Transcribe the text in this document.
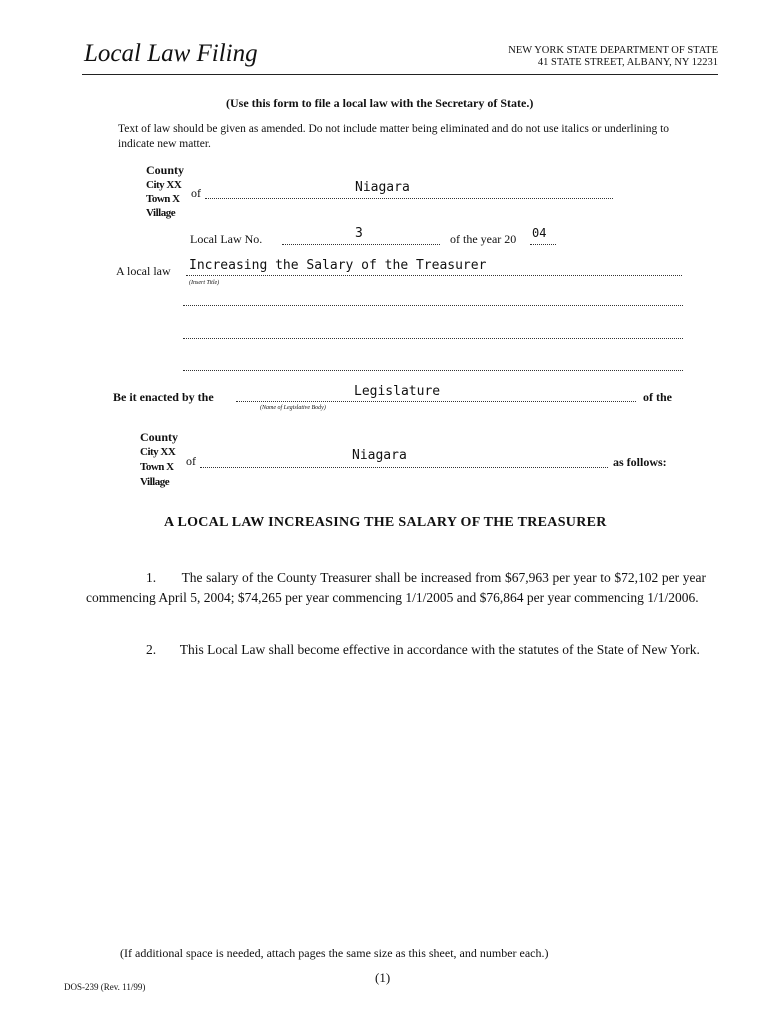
Local Law Filing	NEW YORK STATE DEPARTMENT OF STATE
41 STATE STREET, ALBANY, NY 12231
(Use this form to file a local law with the Secretary of State.)
Text of law should be given as amended. Do not include matter being eliminated and do not use italics or underlining to indicate new matter.
County
City XX
Town X
Village
of	Niagara
Local Law No.	3	of the year 20 04
A local law Increasing the Salary of the Treasurer
(Insert Title)
Be it enacted by the	Legislature
(Name of Legislative Body)
of the
County
City XX
Town X
Village
of	Niagara	as follows:
A LOCAL LAW INCREASING THE SALARY OF THE TREASURER
1. The salary of the County Treasurer shall be increased from $67,963 per year to $72,102 per year commencing April 5, 2004; $74,265 per year commencing 1/1/2005 and $76,864 per year commencing 1/1/2006.
2. This Local Law shall become effective in accordance with the statutes of the State of New York.
(If additional space is needed, attach pages the same size as this sheet, and number each.)
(1)
DOS-239 (Rev. 11/99)
